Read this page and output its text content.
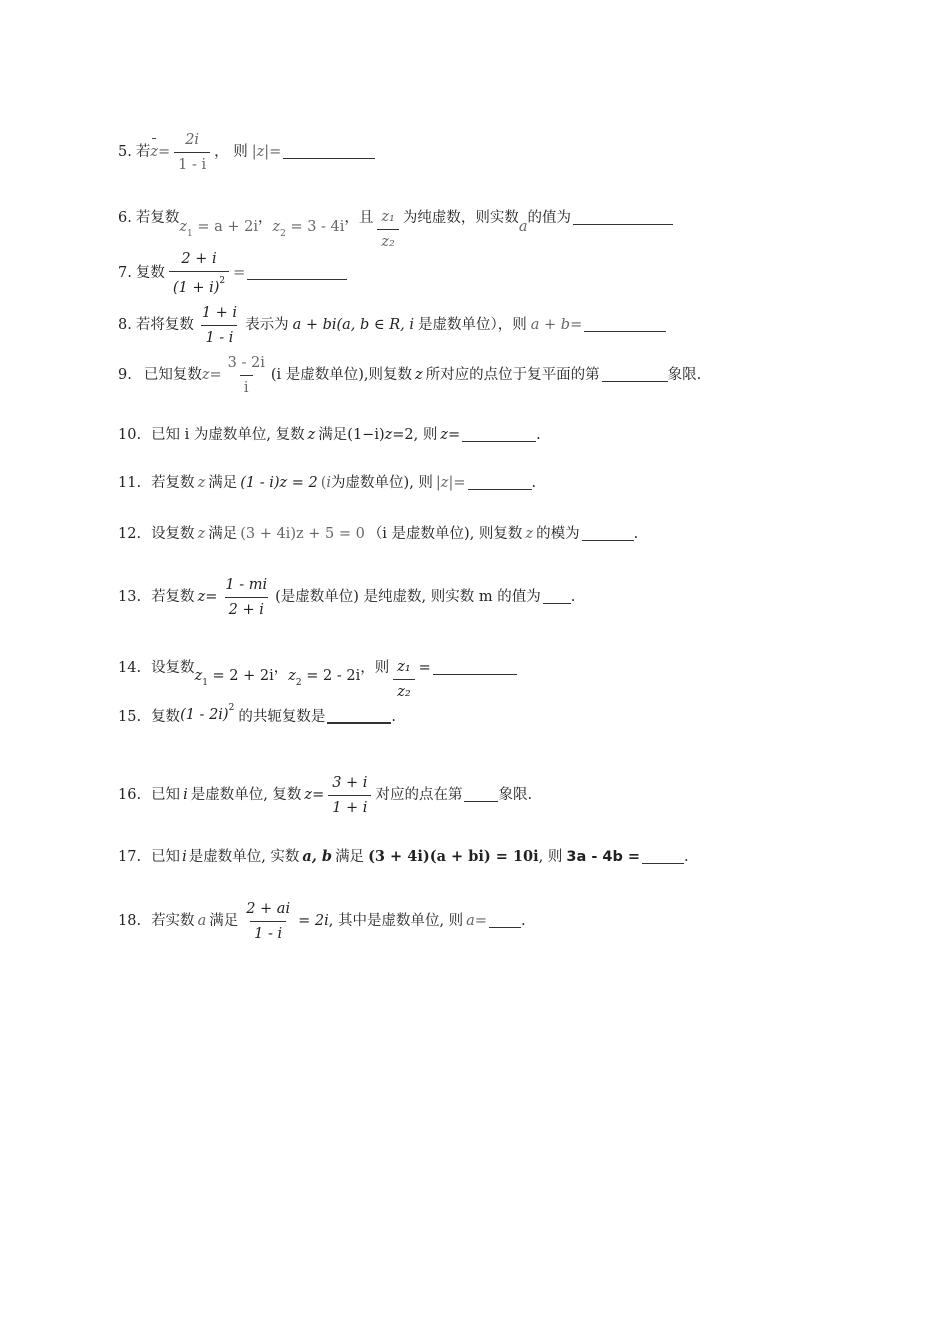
5. 若 $z = \frac{2i}{1 - i}$ ， 则 |z| =
6. 若复数
$z_1 = a + 2i$
，
$z_2 = 3 - 4i$
，且 $\frac{\text{z₁}}{\text{z₂}}$ 为纯虚数，则实数
a
的值为
7. 复数 $\frac{2 + i}{(1 + i)^2}$ =
8. 若将复数 $\frac{1 + i}{1 - i}$ 表示为 a + bi(a, b ∈ R, i 是虚数单位），则 a + b =
9. 已知复数 $z = \frac{3 - 2i}{i} (i$ 是虚数单位),则复数 z 所对应的点位于复平面的第	象限.
10. 已知 i 为虚数单位, 复数 z 满足(1−i) z =2, 则 z =	.
11. 若复数 z 满足 (1 - i)z = 2 ( i 为虚数单位), 则 |z| =	.
12. 设复数 z 满足 (3 + 4i)z + 5 = 0 （i 是虚数单位), 则复数 z 的模为	.
13. 若复数 $z = \frac{1 - mi}{2 + i}$ (是虚数单位) 是纯虚数, 则实数 m 的值为 .
14. 设复数 $z_1 = 2 + 2i$ ， $z_2 = 2 - 2i$ ，则 $\frac{\text{z₁}}{\text{z₂}}$ =
15. 复数 (1 - 2i)$^2$
的共轭复数是	.
16. 已知 i 是虚数单位, 复数 $z = \frac{3 + i}{1 + i}$ 对应的点在第 象限.
17. 已知 i 是虚数单位, 实数 a, b 满足 (3 + 4i)(a + bi) = 10i , 则 3a - 4b =	.
18. 若实数 a 满足 $\frac{2 + ai}{1 - i} = 2i$ , 其中是虚数单位, 则 a = .
